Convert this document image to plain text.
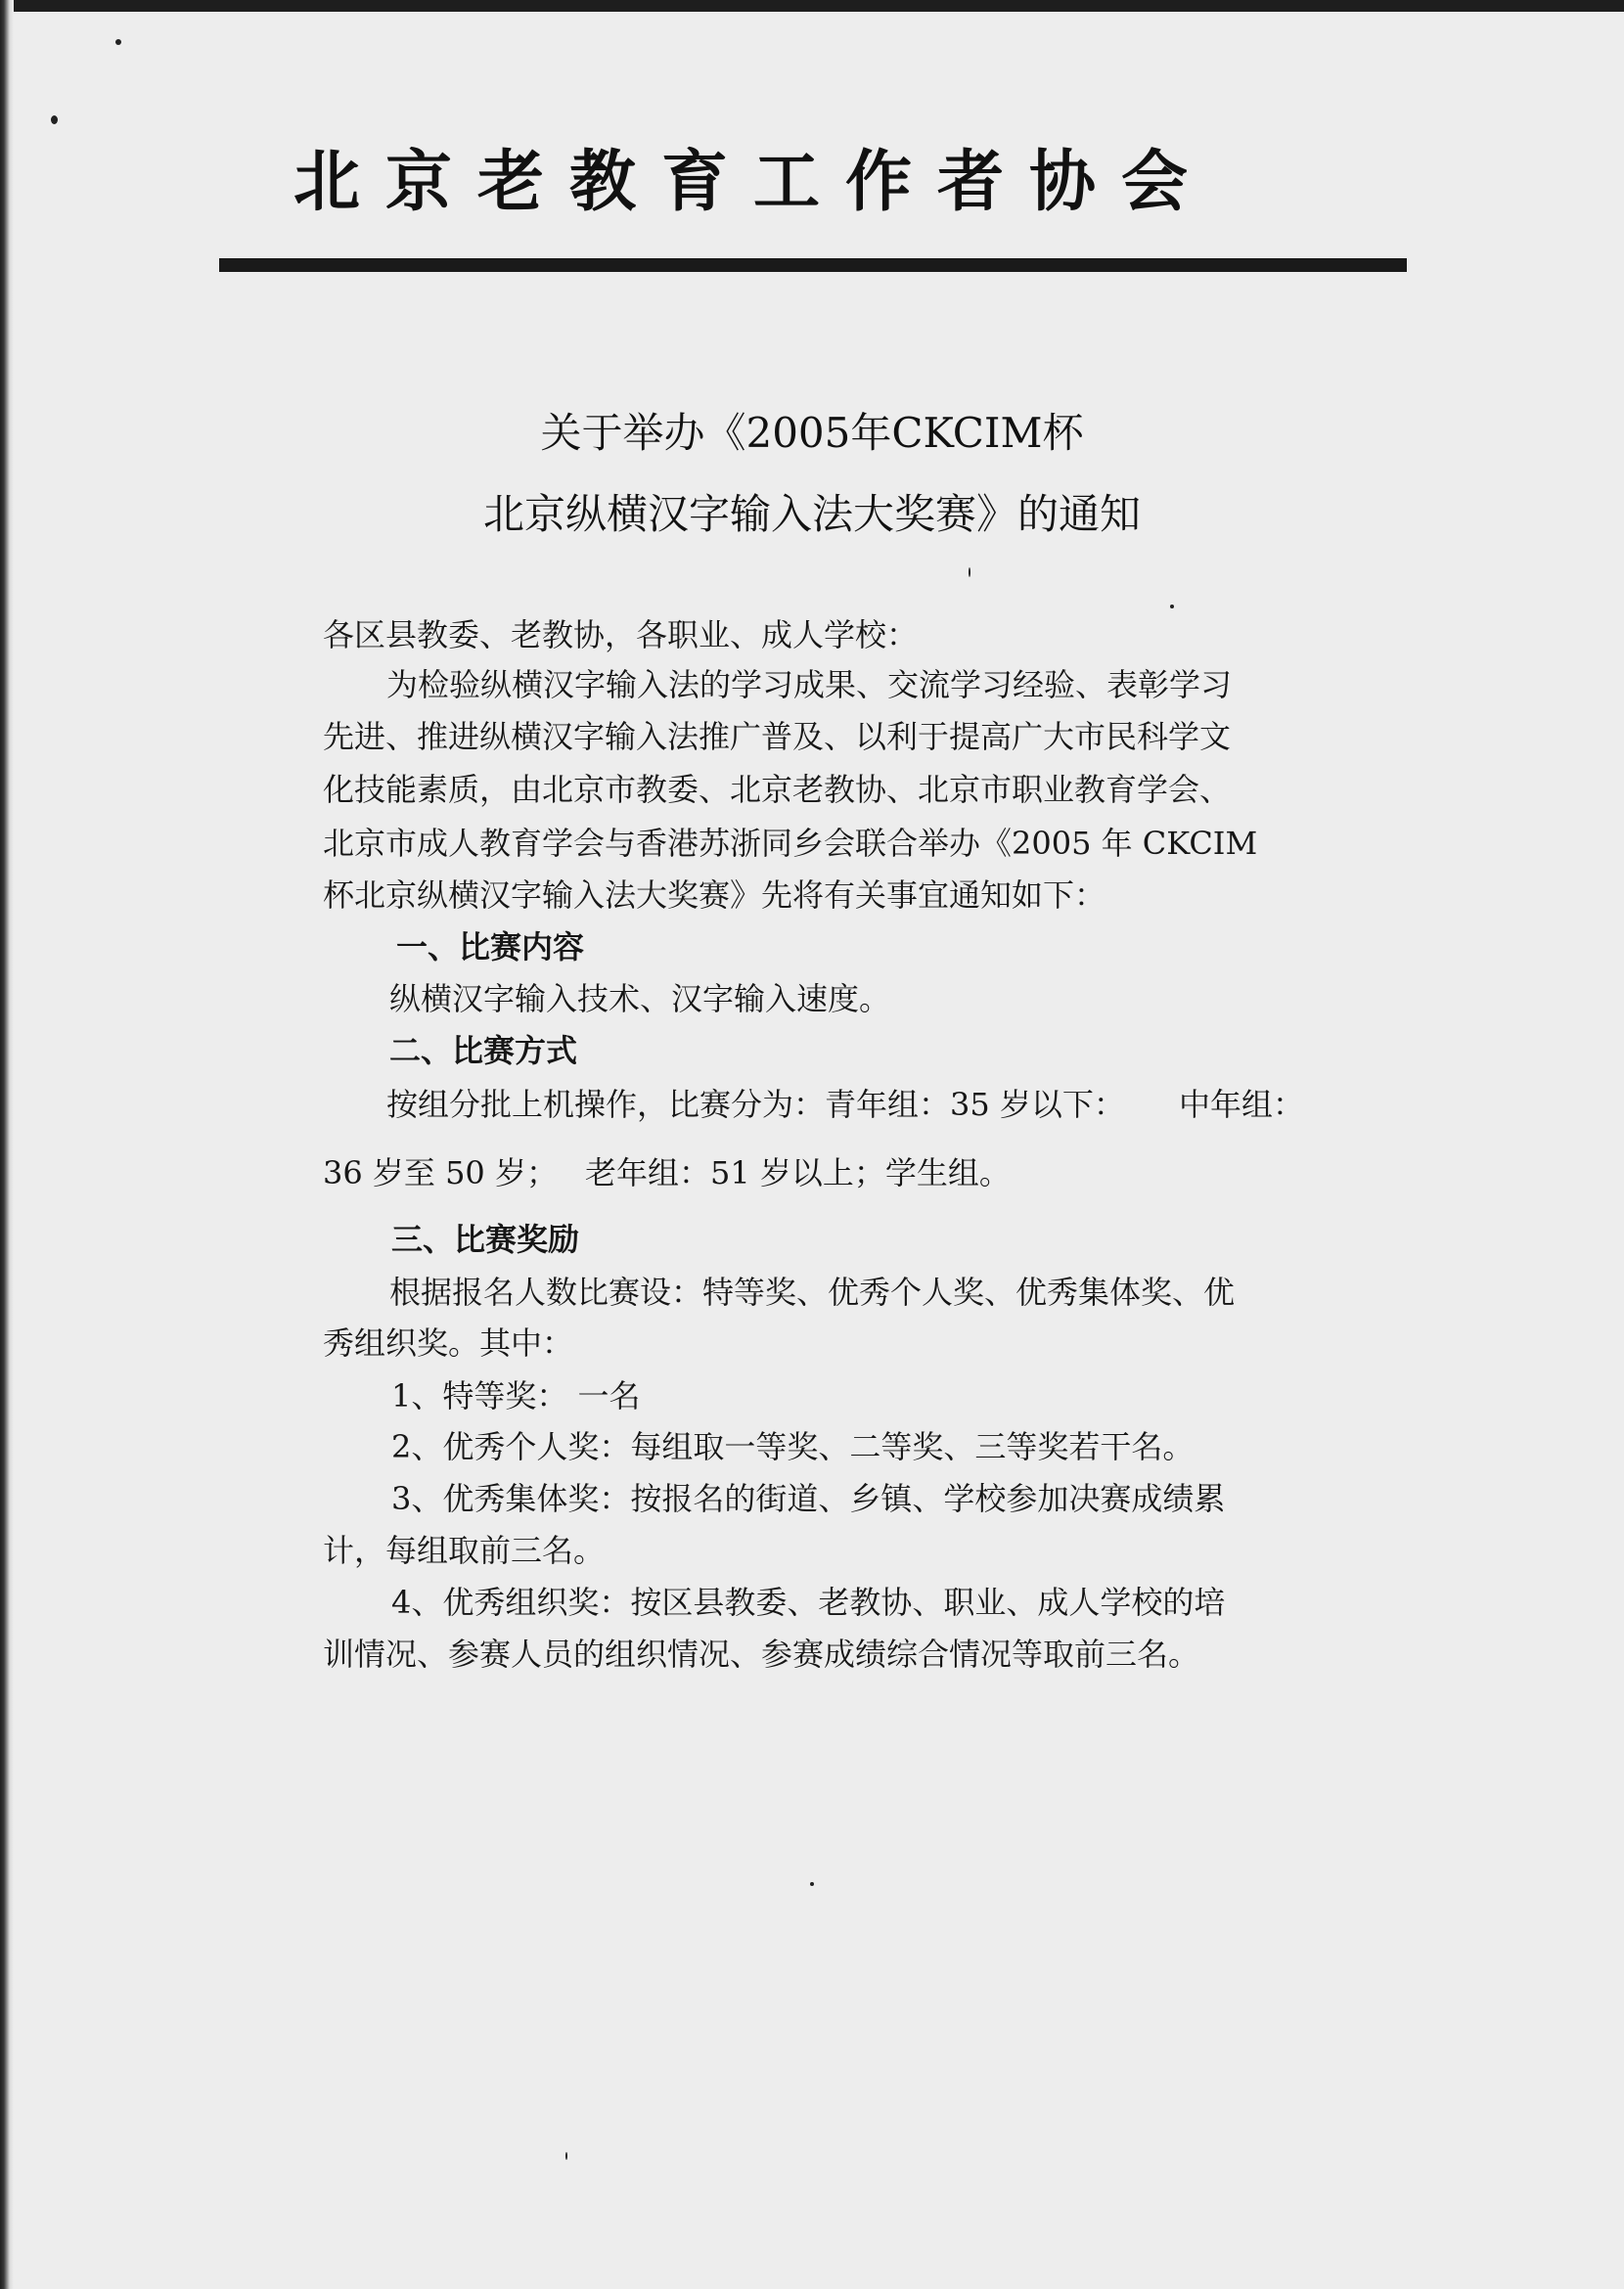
北京老教育工作者协会
关于举办《2005年CKCIM杯
北京纵横汉字输入法大奖赛》的通知
各区县教委、老教协，各职业、成人学校：
为检验纵横汉字输入法的学习成果、交流学习经验、表彰学习
先进、推进纵横汉字输入法推广普及、以利于提高广大市民科学文
化技能素质，由北京市教委、北京老教协、北京市职业教育学会、
北京市成人教育学会与香港苏浙同乡会联合举办《2005 年 CKCIM
杯北京纵横汉字输入法大奖赛》先将有关事宜通知如下：
一、比赛内容
纵横汉字输入技术、汉字输入速度。
二、比赛方式
按组分批上机操作，比赛分为：青年组：35 岁以下：	中年组：
36 岁至 50 岁； 老年组：51 岁以上；学生组。
三、比赛奖励
根据报名人数比赛设：特等奖、优秀个人奖、优秀集体奖、优
秀组织奖。其中：
1、特等奖： 一名
2、优秀个人奖：每组取一等奖、二等奖、三等奖若干名。
3、优秀集体奖：按报名的街道、乡镇、学校参加决赛成绩累
计，每组取前三名。
4、优秀组织奖：按区县教委、老教协、职业、成人学校的培
训情况、参赛人员的组织情况、参赛成绩综合情况等取前三名。
